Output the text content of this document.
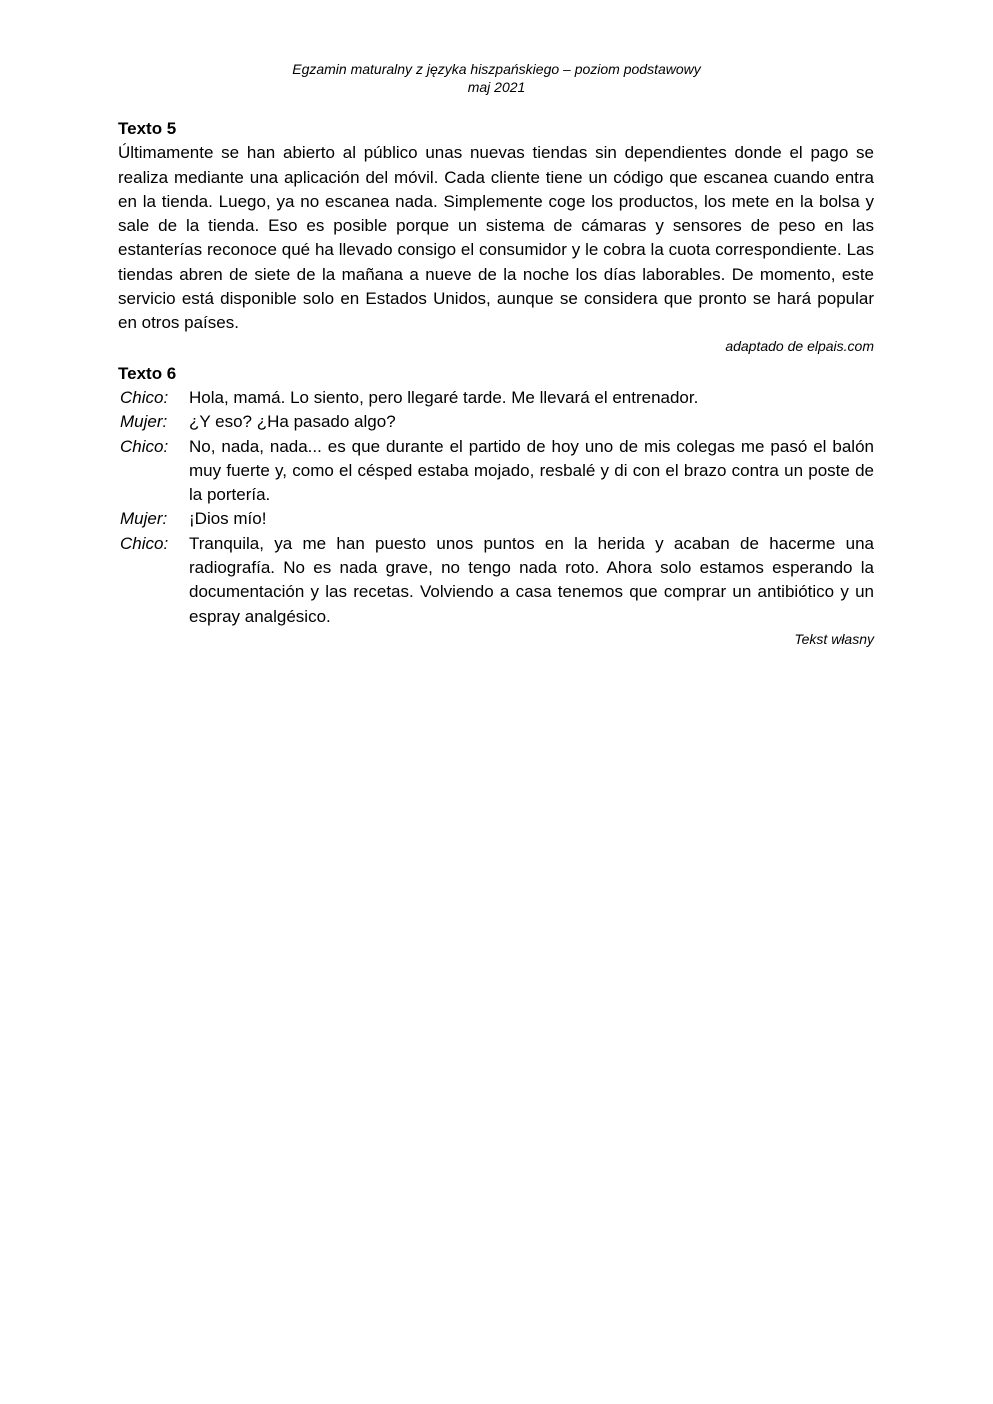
Egzamin maturalny z języka hiszpańskiego – poziom podstawowy
maj 2021

Texto 5

Últimamente se han abierto al público unas nuevas tiendas sin dependientes donde el pago se realiza mediante una aplicación del móvil. Cada cliente tiene un código que escanea cuando entra en la tienda. Luego, ya no escanea nada. Simplemente coge los productos, los mete en la bolsa y sale de la tienda. Eso es posible porque un sistema de cámaras y sensores de peso en las estanterías reconoce qué ha llevado consigo el consumidor y le cobra la cuota correspondiente. Las tiendas abren de siete de la mañana a nueve de la noche los días laborables. De momento, este servicio está disponible solo en Estados Unidos, aunque se considera que pronto se hará popular en otros países.

adaptado de elpais.com

Texto 6

Chico:	Hola, mamá. Lo siento, pero llegaré tarde. Me llevará el entrenador.
Mujer:	¿Y eso? ¿Ha pasado algo?
Chico:	No, nada, nada... es que durante el partido de hoy uno de mis colegas me pasó el balón muy fuerte y, como el césped estaba mojado, resbalé y di con el brazo contra un poste de la portería.
Mujer:	¡Dios mío!
Chico:	Tranquila, ya me han puesto unos puntos en la herida y acaban de hacerme una radiografía. No es nada grave, no tengo nada roto. Ahora solo estamos esperando la documentación y las recetas. Volviendo a casa tenemos que comprar un antibiótico y un espray analgésico.

Tekst własny
